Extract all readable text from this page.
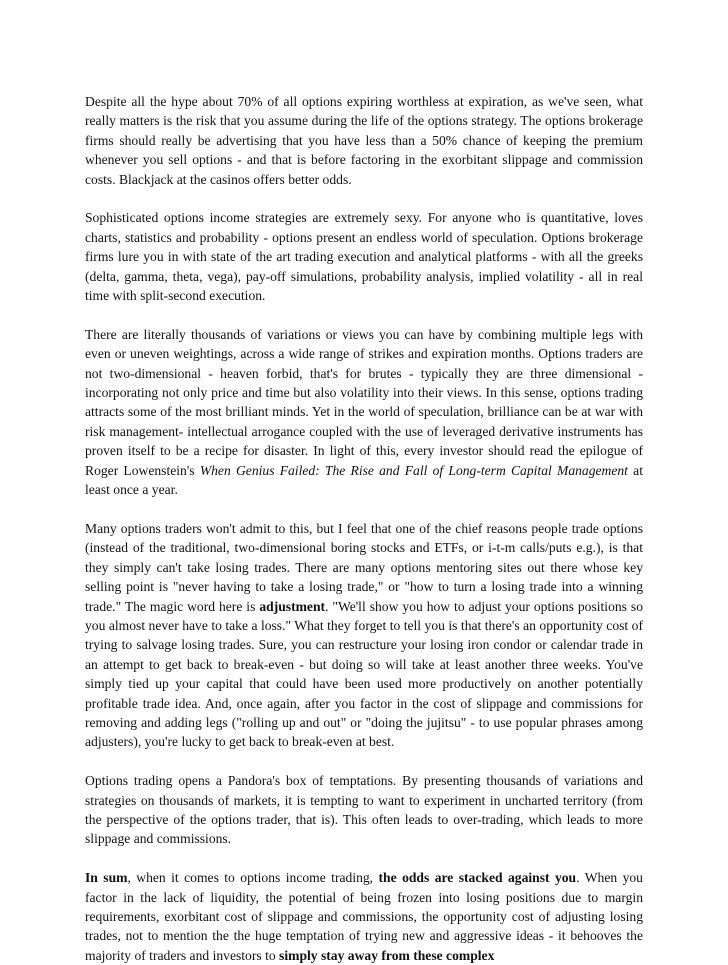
Despite all the hype about 70% of all options expiring worthless at expiration, as we've seen, what really matters is the risk that you assume during the life of the options strategy. The options brokerage firms should really be advertising that you have less than a 50% chance of keeping the premium whenever you sell options - and that is before factoring in the exorbitant slippage and commission costs. Blackjack at the casinos offers better odds.

Sophisticated options income strategies are extremely sexy. For anyone who is quantitative, loves charts, statistics and probability - options present an endless world of speculation. Options brokerage firms lure you in with state of the art trading execution and analytical platforms - with all the greeks (delta, gamma, theta, vega), pay-off simulations, probability analysis, implied volatility - all in real time with split-second execution.

There are literally thousands of variations or views you can have by combining multiple legs with even or uneven weightings, across a wide range of strikes and expiration months. Options traders are not two-dimensional - heaven forbid, that's for brutes - typically they are three dimensional - incorporating not only price and time but also volatility into their views. In this sense, options trading attracts some of the most brilliant minds. Yet in the world of speculation, brilliance can be at war with risk management- intellectual arrogance coupled with the use of leveraged derivative instruments has proven itself to be a recipe for disaster. In light of this, every investor should read the epilogue of Roger Lowenstein's When Genius Failed: The Rise and Fall of Long-term Capital Management at least once a year.

Many options traders won't admit to this, but I feel that one of the chief reasons people trade options (instead of the traditional, two-dimensional boring stocks and ETFs, or i-t-m calls/puts e.g.), is that they simply can't take losing trades. There are many options mentoring sites out there whose key selling point is "never having to take a losing trade," or "how to turn a losing trade into a winning trade." The magic word here is adjustment. "We'll show you how to adjust your options positions so you almost never have to take a loss." What they forget to tell you is that there's an opportunity cost of trying to salvage losing trades. Sure, you can restructure your losing iron condor or calendar trade in an attempt to get back to break-even - but doing so will take at least another three weeks. You've simply tied up your capital that could have been used more productively on another potentially profitable trade idea. And, once again, after you factor in the cost of slippage and commissions for removing and adding legs ("rolling up and out" or "doing the jujitsu" - to use popular phrases among adjusters), you're lucky to get back to break-even at best.

Options trading opens a Pandora's box of temptations. By presenting thousands of variations and strategies on thousands of markets, it is tempting to want to experiment in uncharted territory (from the perspective of the options trader, that is). This often leads to over-trading, which leads to more slippage and commissions.

In sum, when it comes to options income trading, the odds are stacked against you. When you factor in the lack of liquidity, the potential of being frozen into losing positions due to margin requirements, exorbitant cost of slippage and commissions, the opportunity cost of adjusting losing trades, not to mention the the huge temptation of trying new and aggressive ideas - it behooves the majority of traders and investors to simply stay away from these complex
